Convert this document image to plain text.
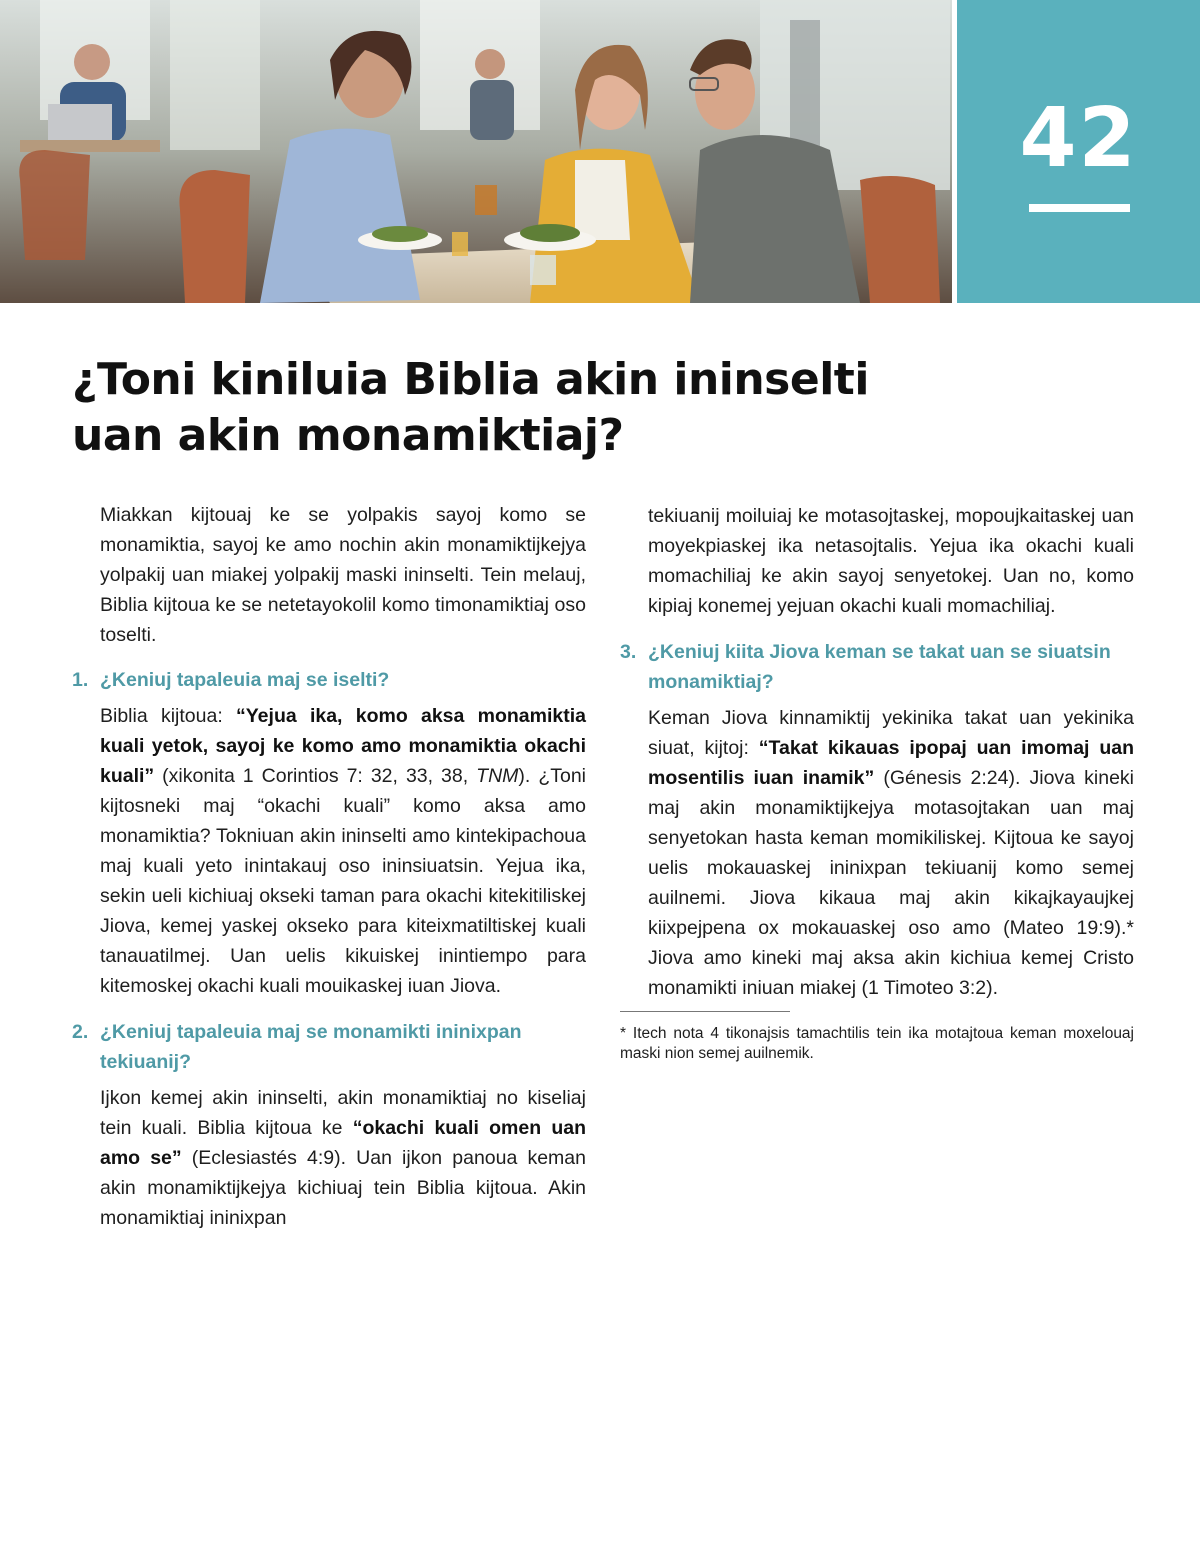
42
¿Toni kiniluia Biblia akin ininselti
uan akin monamiktiaj?

Miakkan kijtouaj ke se yolpakis sayoj komo se monamiktia, sayoj ke amo nochin akin monamiktijkejya yolpakij uan miakej yolpakij maski ininselti. Tein melauj, Biblia kijtoua ke se netetayokolil komo timonamiktiaj oso toselti.

1. ¿Keniuj tapaleuia maj se iselti?

Biblia kijtoua: “Yejua ika, komo aksa monamiktia kuali yetok, sayoj ke komo amo monamiktia okachi kuali” (xikonita 1 Corintios 7: 32, 33, 38, TNM). ¿Toni kijtosneki maj “okachi kuali” komo aksa amo monamiktia? Tokniuan akin ininselti amo kintekipachoua maj kuali yeto inintakauj oso ininsiuatsin. Yejua ika, sekin ueli kichiuaj okseki taman para okachi kitekitiliskej Jiova, kemej yaskej okseko para kiteixmatiltiskej kuali tanauatilmej. Uan uelis kikuiskej inintiempo para kitemoskej okachi kuali mouikaskej iuan Jiova.

2. ¿Keniuj tapaleuia maj se monamikti ininixpan tekiuanij?

Ijkon kemej akin ininselti, akin monamiktiaj no kiseliaj tein kuali. Biblia kijtoua ke “okachi kuali omen uan amo se” (Eclesiastés 4:9). Uan ijkon panoua keman akin monamiktijkejya kichiuaj tein Biblia kijtoua. Akin monamiktiaj ininixpan

tekiuanij moiluiaj ke motasojtaskej, mopoujkaitaskej uan moyekpiaskej ika netasojtalis. Yejua ika okachi kuali momachiliaj ke akin sayoj senyetokej. Uan no, komo kipiaj konemej yejuan okachi kuali momachiliaj.

3. ¿Keniuj kiita Jiova keman se takat uan se siuatsin monamiktiaj?

Keman Jiova kinnamiktij yekinika takat uan yekinika siuat, kijtoj: “Takat kikauas ipopaj uan imomaj uan mosentilis iuan inamik” (Génesis 2:24). Jiova kineki maj akin monamiktijkejya motasojtakan uan maj senyetokan hasta keman momikiliskej. Kijtoua ke sayoj uelis mokauaskej ininixpan tekiuanij komo semej auilnemi. Jiova kikaua maj akin kikajkayaujkej kiixpejpena ox mokauaskej oso amo (Mateo 19:9).* Jiova amo kineki maj aksa akin kichiua kemej Cristo monamikti iniuan miakej (1 Timoteo 3:2).

* Itech nota 4 tikonajsis tamachtilis tein ika motajtoua keman moxelouaj maski nion semej auilnemik.
